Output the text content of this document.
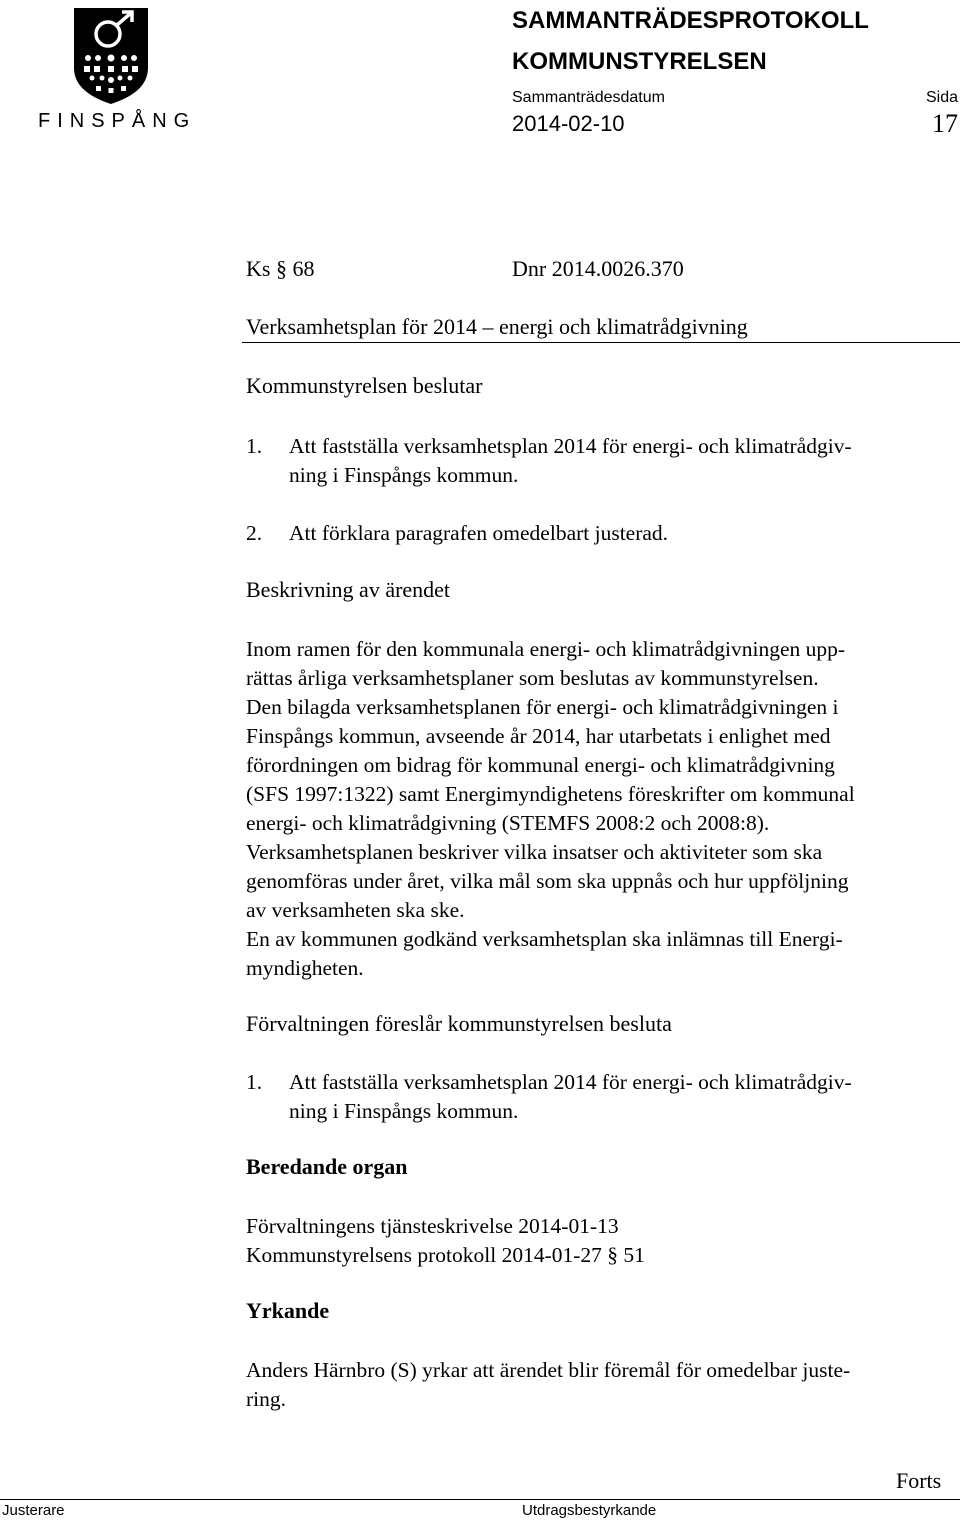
FINSPÅNG
SAMMANTRÄDESPROTOKOLL
KOMMUNSTYRELSEN
Sammanträdesdatum	Sida
2014-02-10	17
Ks § 68	Dnr 2014.0026.370
Verksamhetsplan för 2014 – energi och klimatrådgivning
Kommunstyrelsen beslutar
1. Att fastställa verksamhetsplan 2014 för energi- och klimatrådgiv-
ning i Finspångs kommun.
2. Att förklara paragrafen omedelbart justerad.
Beskrivning av ärendet
Inom ramen för den kommunala energi- och klimatrådgivningen upp-
rättas årliga verksamhetsplaner som beslutas av kommunstyrelsen.
Den bilagda verksamhetsplanen för energi- och klimatrådgivningen i
Finspångs kommun, avseende år 2014, har utarbetats i enlighet med
förordningen om bidrag för kommunal energi- och klimatrådgivning
(SFS 1997:1322) samt Energimyndighetens föreskrifter om kommunal
energi- och klimatrådgivning (STEMFS 2008:2 och 2008:8).
Verksamhetsplanen beskriver vilka insatser och aktiviteter som ska
genomföras under året, vilka mål som ska uppnås och hur uppföljning
av verksamheten ska ske.
En av kommunen godkänd verksamhetsplan ska inlämnas till Energi-
myndigheten.
Förvaltningen föreslår kommunstyrelsen besluta
1. Att fastställa verksamhetsplan 2014 för energi- och klimatrådgiv-
ning i Finspångs kommun.
Beredande organ
Förvaltningens tjänsteskrivelse 2014-01-13
Kommunstyrelsens protokoll 2014-01-27 § 51
Yrkande
Anders Härnbro (S) yrkar att ärendet blir föremål för omedelbar juste-
ring.
Forts
Justerare	Utdragsbestyrkande
